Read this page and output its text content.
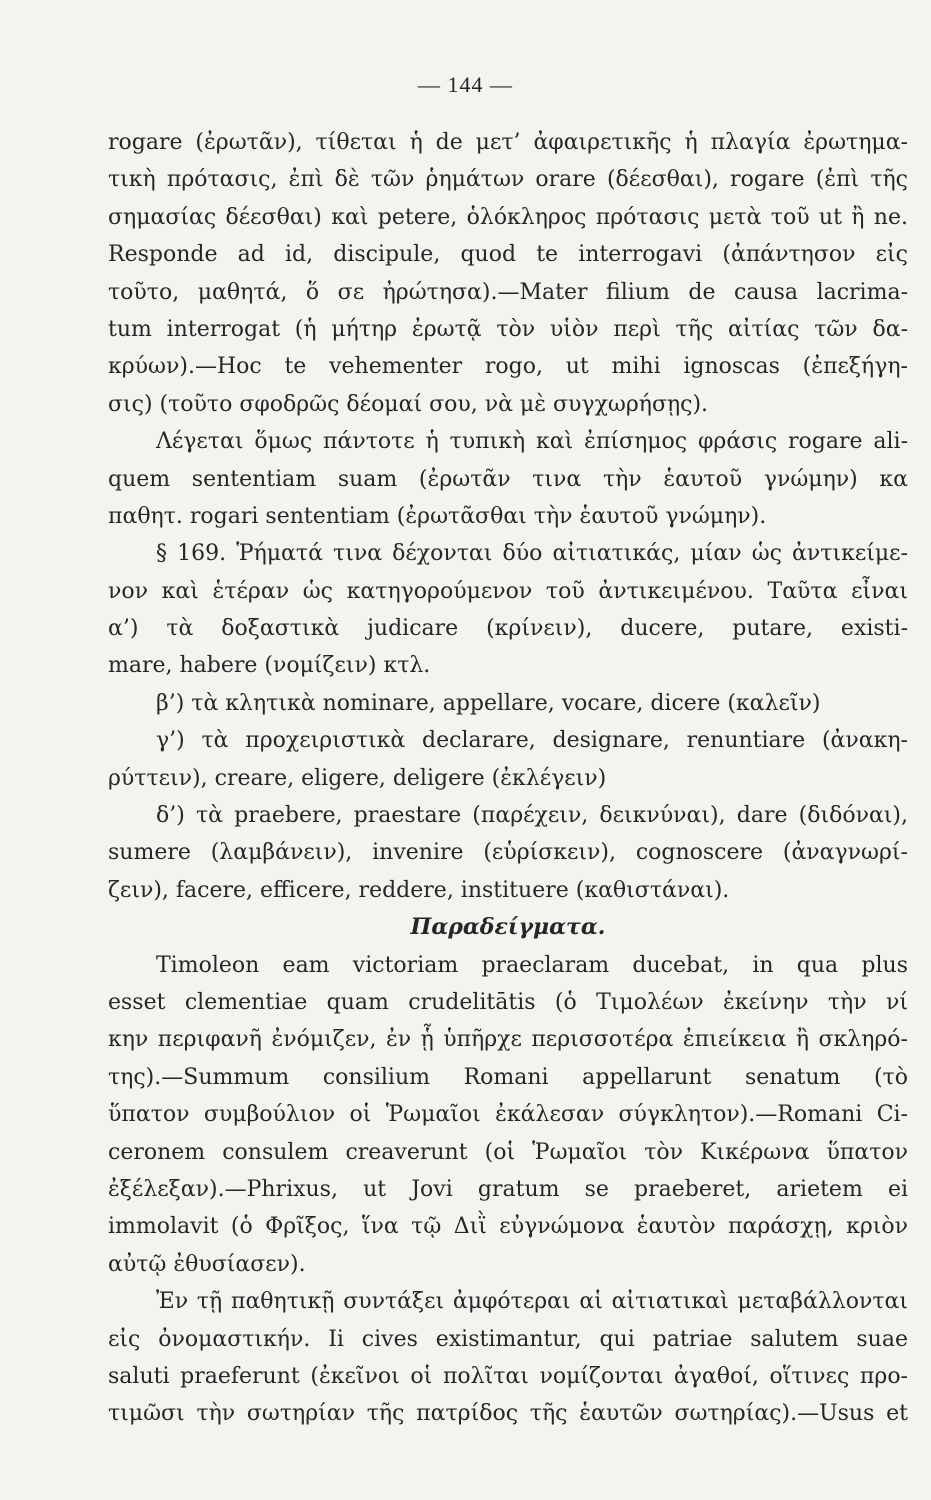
— 144 —
rogare (ἐρωτᾶν), τίθεται ἡ de μετ’ ἀφαιρετικῆς ἡ πλαγία ἐρωτημα-
τικὴ πρότασις, ἐπὶ δὲ τῶν ῥημάτων orare (δέεσθαι), rogare (ἐπὶ τῆς
σημασίας δέεσθαι) καὶ petere, ὁλόκληρος πρότασις μετὰ τοῦ ut ἢ ne.
Responde ad id, discipule, quod te interrogavi (ἀπάντησον εἰς
τοῦτο, μαθητά, ὅ σε ἠρώτησα).—Mater filium de causa lacrima-
tum interrogat (ἡ μήτηρ ἐρωτᾷ τὸν υἱὸν περὶ τῆς αἰτίας τῶν δα-
κρύων).—Hoc te vehementer rogo, ut mihi ignoscas (ἐπεξήγη-
σις) (τοῦτο σφοδρῶς δέομαί σου, νὰ μὲ συγχωρήσῃς).
Λέγεται ὅμως πάντοτε ἡ τυπικὴ καὶ ἐπίσημος φράσις rogare ali-
quem sententiam suam (ἐρωτᾶν τινα τὴν ἑαυτοῦ γνώμην) κα
παθητ. rogari sententiam (ἐρωτᾶσθαι τὴν ἑαυτοῦ γνώμην).
§ 169. Ῥήματά τινα δέχονται δύο αἰτιατικάς, μίαν ὡς ἀντικείμε-
νον καὶ ἑτέραν ὡς κατηγορούμενον τοῦ ἀντικειμένου. Ταῦτα εἶναι
α’) τὰ δοξαστικὰ judicare (κρίνειν), ducere, putare, existi-
mare, habere (νομίζειν) κτλ.
β’) τὰ κλητικὰ nominare, appellare, vocare, dicere (καλεῖν)
γ’) τὰ προχειριστικὰ declarare, designare, renuntiare (ἀνακη-
ρύττειν), creare, eligere, deligere (ἐκλέγειν)
δ’) τὰ praebere, praestare (παρέχειν, δεικνύναι), dare (διδόναι),
sumere (λαμβάνειν), invenire (εὑρίσκειν), cognoscere (ἀναγνωρί-
ζειν), facere, efficere, reddere, instituere (καθιστάναι).
Παραδείγματα.
Timoleon eam victoriam praeclaram ducebat, in qua plus
esset clementiae quam crudelitātis (ὁ Τιμολέων ἐκείνην τὴν νί
κην περιφανῆ ἐνόμιζεν, ἐν ᾗ ὑπῆρχε περισσοτέρα ἐπιείκεια ἢ σκληρό-
της).—Summum consilium Romani appellarunt senatum (τὸ
ὕπατον συμβούλιον οἱ Ῥωμαῖοι ἐκάλεσαν σύγκλητον).—Romani Ci-
ceronem consulem creaverunt (οἱ Ῥωμαῖοι τὸν Κικέρωνα ὕπατον
ἐξέλεξαν).—Phrixus, ut Jovi gratum se praeberet, arietem ei
immolavit (ὁ Φρῖξος, ἵνα τῷ Διῒ εὐγνώμονα ἑαυτὸν παράσχῃ, κριὸν
αὐτῷ ἐθυσίασεν).
Ἐν τῇ παθητικῇ συντάξει ἀμφότεραι αἱ αἰτιατικαὶ μεταβάλλονται
εἰς ὀνομαστικήν. Ii cives existimantur, qui patriae salutem suae
saluti praeferunt (ἐκεῖνοι οἱ πολῖται νομίζονται ἀγαθοί, οἵτινες προ-
τιμῶσι τὴν σωτηρίαν τῆς πατρίδος τῆς ἑαυτῶν σωτηρίας).—Usus et
